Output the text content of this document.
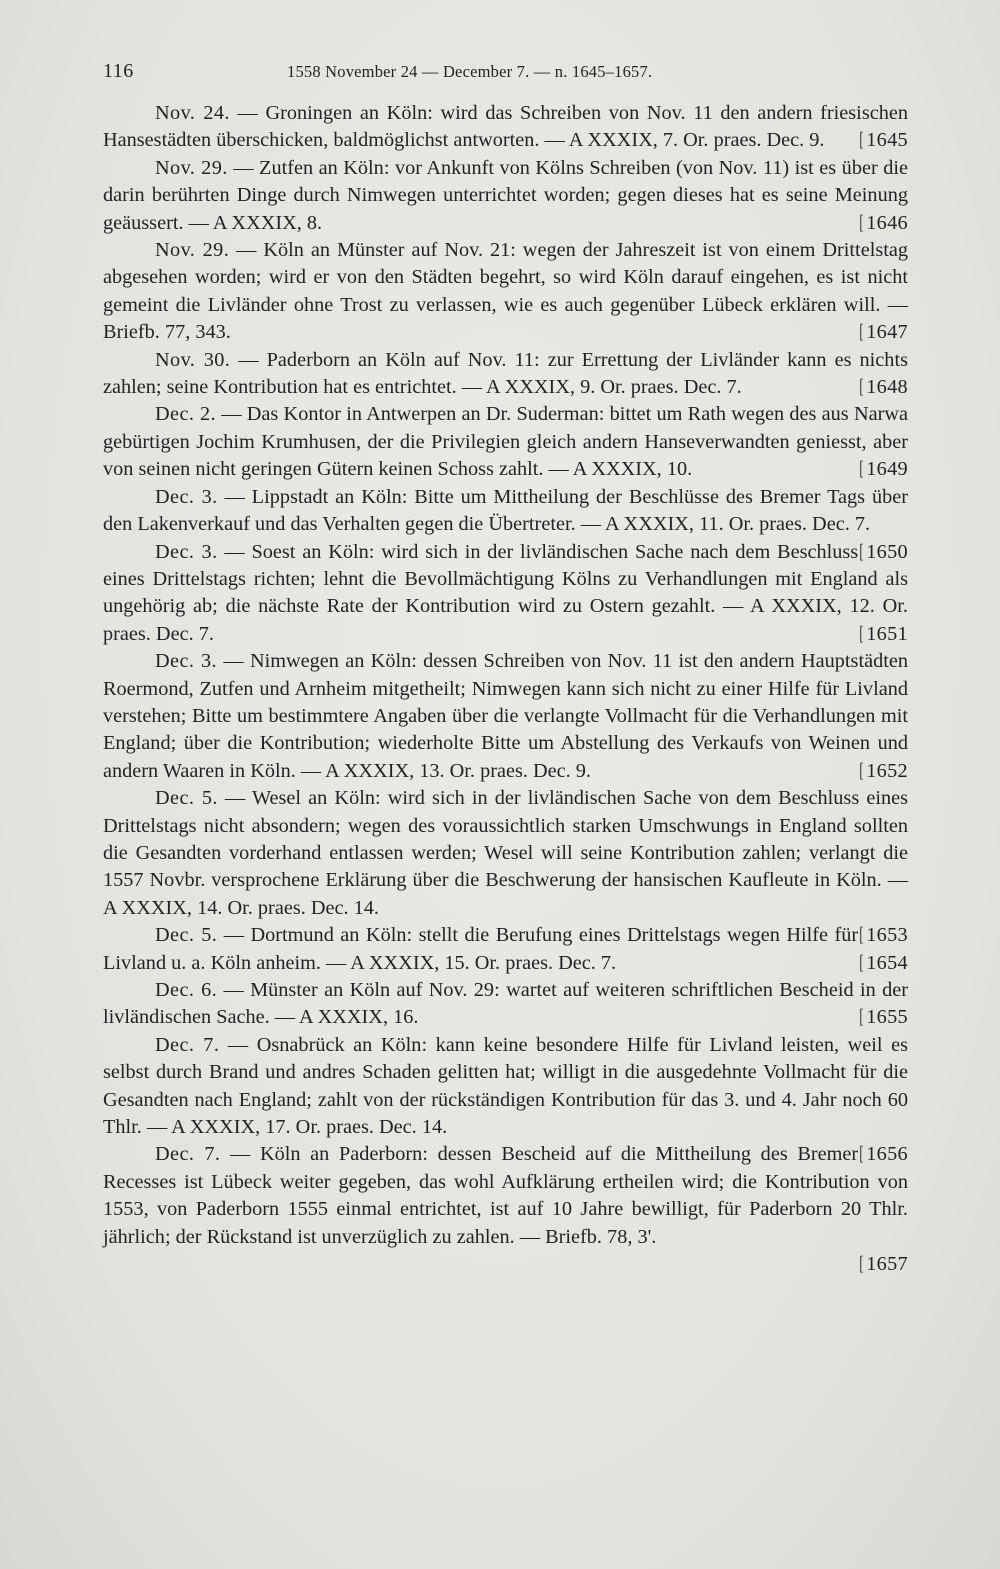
116	1558 November 24 — December 7. — n. 1645–1657.

Nov. 24. — Groningen an Köln: wird das Schreiben von Nov. 11 den andern friesischen Hansestädten überschicken, baldmöglichst antworten. — A XXXIX, 7. Or. praes. Dec. 9.	[ 1645

Nov. 29. — Zutfen an Köln: vor Ankunft von Kölns Schreiben (von Nov. 11) ist es über die darin berührten Dinge durch Nimwegen unterrichtet worden; gegen dieses hat es seine Meinung geäussert. — A XXXIX, 8.	[ 1646

Nov. 29. — Köln an Münster auf Nov. 21: wegen der Jahreszeit ist von einem Drittelstag abgesehen worden; wird er von den Städten begehrt, so wird Köln darauf eingehen, es ist nicht gemeint die Livländer ohne Trost zu verlassen, wie es auch gegenüber Lübeck erklären will. — Briefb. 77, 343.	[ 1647

Nov. 30. — Paderborn an Köln auf Nov. 11: zur Errettung der Livländer kann es nichts zahlen; seine Kontribution hat es entrichtet. — A XXXIX, 9. Or. praes. Dec. 7.	[ 1648

Dec. 2. — Das Kontor in Antwerpen an Dr. Suderman: bittet um Rath wegen des aus Narwa gebürtigen Jochim Krumhusen, der die Privilegien gleich andern Hanseverwandten geniesst, aber von seinen nicht geringen Gütern keinen Schoss zahlt. — A XXXIX, 10.	[ 1649

Dec. 3. — Lippstadt an Köln: Bitte um Mittheilung der Beschlüsse des Bremer Tags über den Lakenverkauf und das Verhalten gegen die Übertreter. — A XXXIX, 11. Or. praes. Dec. 7.
[ 1650

Dec. 3. — Soest an Köln: wird sich in der livländischen Sache nach dem Beschluss eines Drittelstags richten; lehnt die Bevollmächtigung Kölns zu Verhandlungen mit England als ungehörig ab; die nächste Rate der Kontribution wird zu Ostern gezahlt. — A XXXIX, 12. Or. praes. Dec. 7.	[ 1651

Dec. 3. — Nimwegen an Köln: dessen Schreiben von Nov. 11 ist den andern Hauptstädten Roermond, Zutfen und Arnheim mitgetheilt; Nimwegen kann sich nicht zu einer Hilfe für Livland verstehen; Bitte um bestimmtere Angaben über die verlangte Vollmacht für die Verhandlungen mit England; über die Kontribution; wiederholte Bitte um Abstellung des Verkaufs von Weinen und andern Waaren in Köln. — A XXXIX, 13. Or. praes. Dec. 9.	[ 1652

Dec. 5. — Wesel an Köln: wird sich in der livländischen Sache von dem Beschluss eines Drittelstags nicht absondern; wegen des voraussichtlich starken Umschwungs in England sollten die Gesandten vorderhand entlassen werden; Wesel will seine Kontribution zahlen; verlangt die 1557 Novbr. versprochene Erklärung über die Beschwerung der hansischen Kaufleute in Köln. — A XXXIX, 14. Or. praes. Dec. 14.
[ 1653

Dec. 5. — Dortmund an Köln: stellt die Berufung eines Drittelstags wegen Hilfe für Livland u. a. Köln anheim. — A XXXIX, 15. Or. praes. Dec. 7.	[ 1654

Dec. 6. — Münster an Köln auf Nov. 29: wartet auf weiteren schriftlichen Bescheid in der livländischen Sache. — A XXXIX, 16.	[ 1655

Dec. 7. — Osnabrück an Köln: kann keine besondere Hilfe für Livland leisten, weil es selbst durch Brand und andres Schaden gelitten hat; willigt in die ausgedehnte Vollmacht für die Gesandten nach England; zahlt von der rückständigen Kontribution für das 3. und 4. Jahr noch 60 Thlr. — A XXXIX, 17. Or. praes. Dec. 14.
[ 1656

Dec. 7. — Köln an Paderborn: dessen Bescheid auf die Mittheilung des Bremer Recesses ist Lübeck weiter gegeben, das wohl Aufklärung ertheilen wird; die Kontribution von 1553, von Paderborn 1555 einmal entrichtet, ist auf 10 Jahre bewilligt, für Paderborn 20 Thlr. jährlich; der Rückstand ist unverzüglich zu zahlen. — Briefb. 78, 3'.
[ 1657
